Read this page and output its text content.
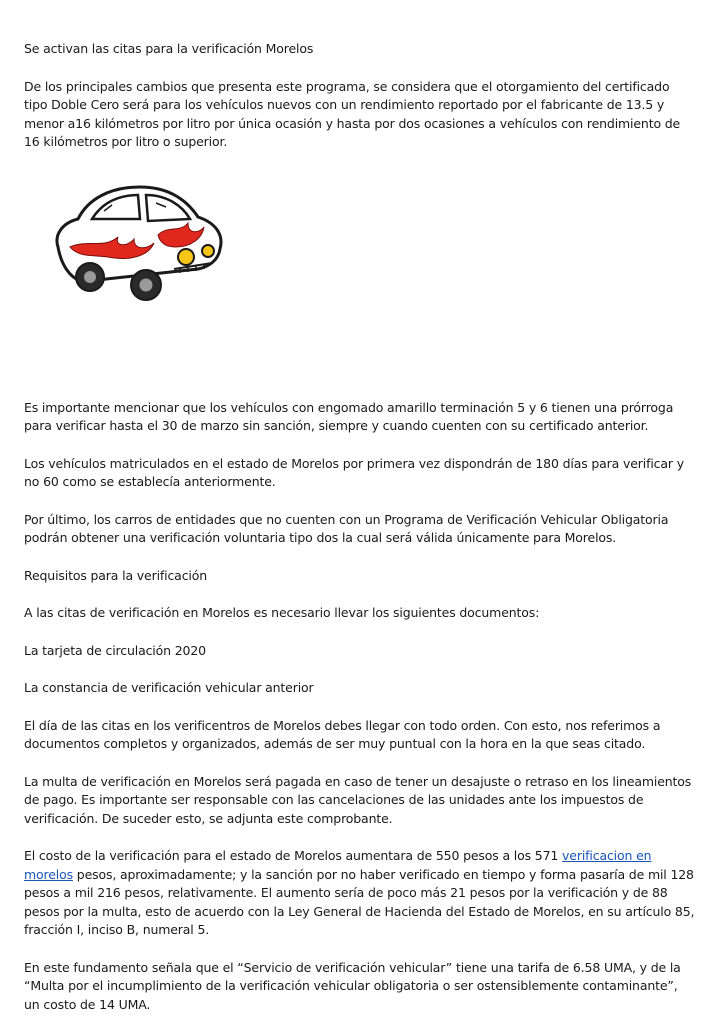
Se activan las citas para la verificación Morelos

De los principales cambios que presenta este programa, se considera que el otorgamiento del certificado tipo Doble Cero será para los vehículos nuevos con un rendimiento reportado por el fabricante de 13.5 y menor a16 kilómetros por litro por única ocasión y hasta por dos ocasiones a vehículos con rendimiento de 16 kilómetros por litro o superior.

Es importante mencionar que los vehículos con engomado amarillo terminación 5 y 6 tienen una prórroga para verificar hasta el 30 de marzo sin sanción, siempre y cuando cuenten con su certificado anterior.

Los vehículos matriculados en el estado de Morelos por primera vez dispondrán de 180 días para verificar y no 60 como se establecía anteriormente.

Por último, los carros de entidades que no cuenten con un Programa de Verificación Vehicular Obligatoria podrán obtener una verificación voluntaria tipo dos la cual será válida únicamente para Morelos.

Requisitos para la verificación

A las citas de verificación en Morelos es necesario llevar los siguientes documentos:

La tarjeta de circulación 2020

La constancia de verificación vehicular anterior

El día de las citas en los verificentros de Morelos debes llegar con todo orden. Con esto, nos referimos a documentos completos y organizados, además de ser muy puntual con la hora en la que seas citado.

La multa de verificación en Morelos será pagada en caso de tener un desajuste o retraso en los lineamientos de pago. Es importante ser responsable con las cancelaciones de las unidades ante los impuestos de verificación. De suceder esto, se adjunta este comprobante.

El costo de la verificación para el estado de Morelos aumentara de 550 pesos a los 571 verificacion en morelos pesos, aproximadamente; y la sanción por no haber verificado en tiempo y forma pasaría de mil 128 pesos a mil 216 pesos, relativamente. El aumento sería de poco más 21 pesos por la verificación y de 88 pesos por la multa, esto de acuerdo con la Ley General de Hacienda del Estado de Morelos, en su artículo 85, fracción I, inciso B, numeral 5.

En este fundamento señala que el “Servicio de verificación vehicular” tiene una tarifa de 6.58 UMA, y de la “Multa por el incumplimiento de la verificación vehicular obligatoria o ser ostensiblemente contaminante”, un costo de 14 UMA.
